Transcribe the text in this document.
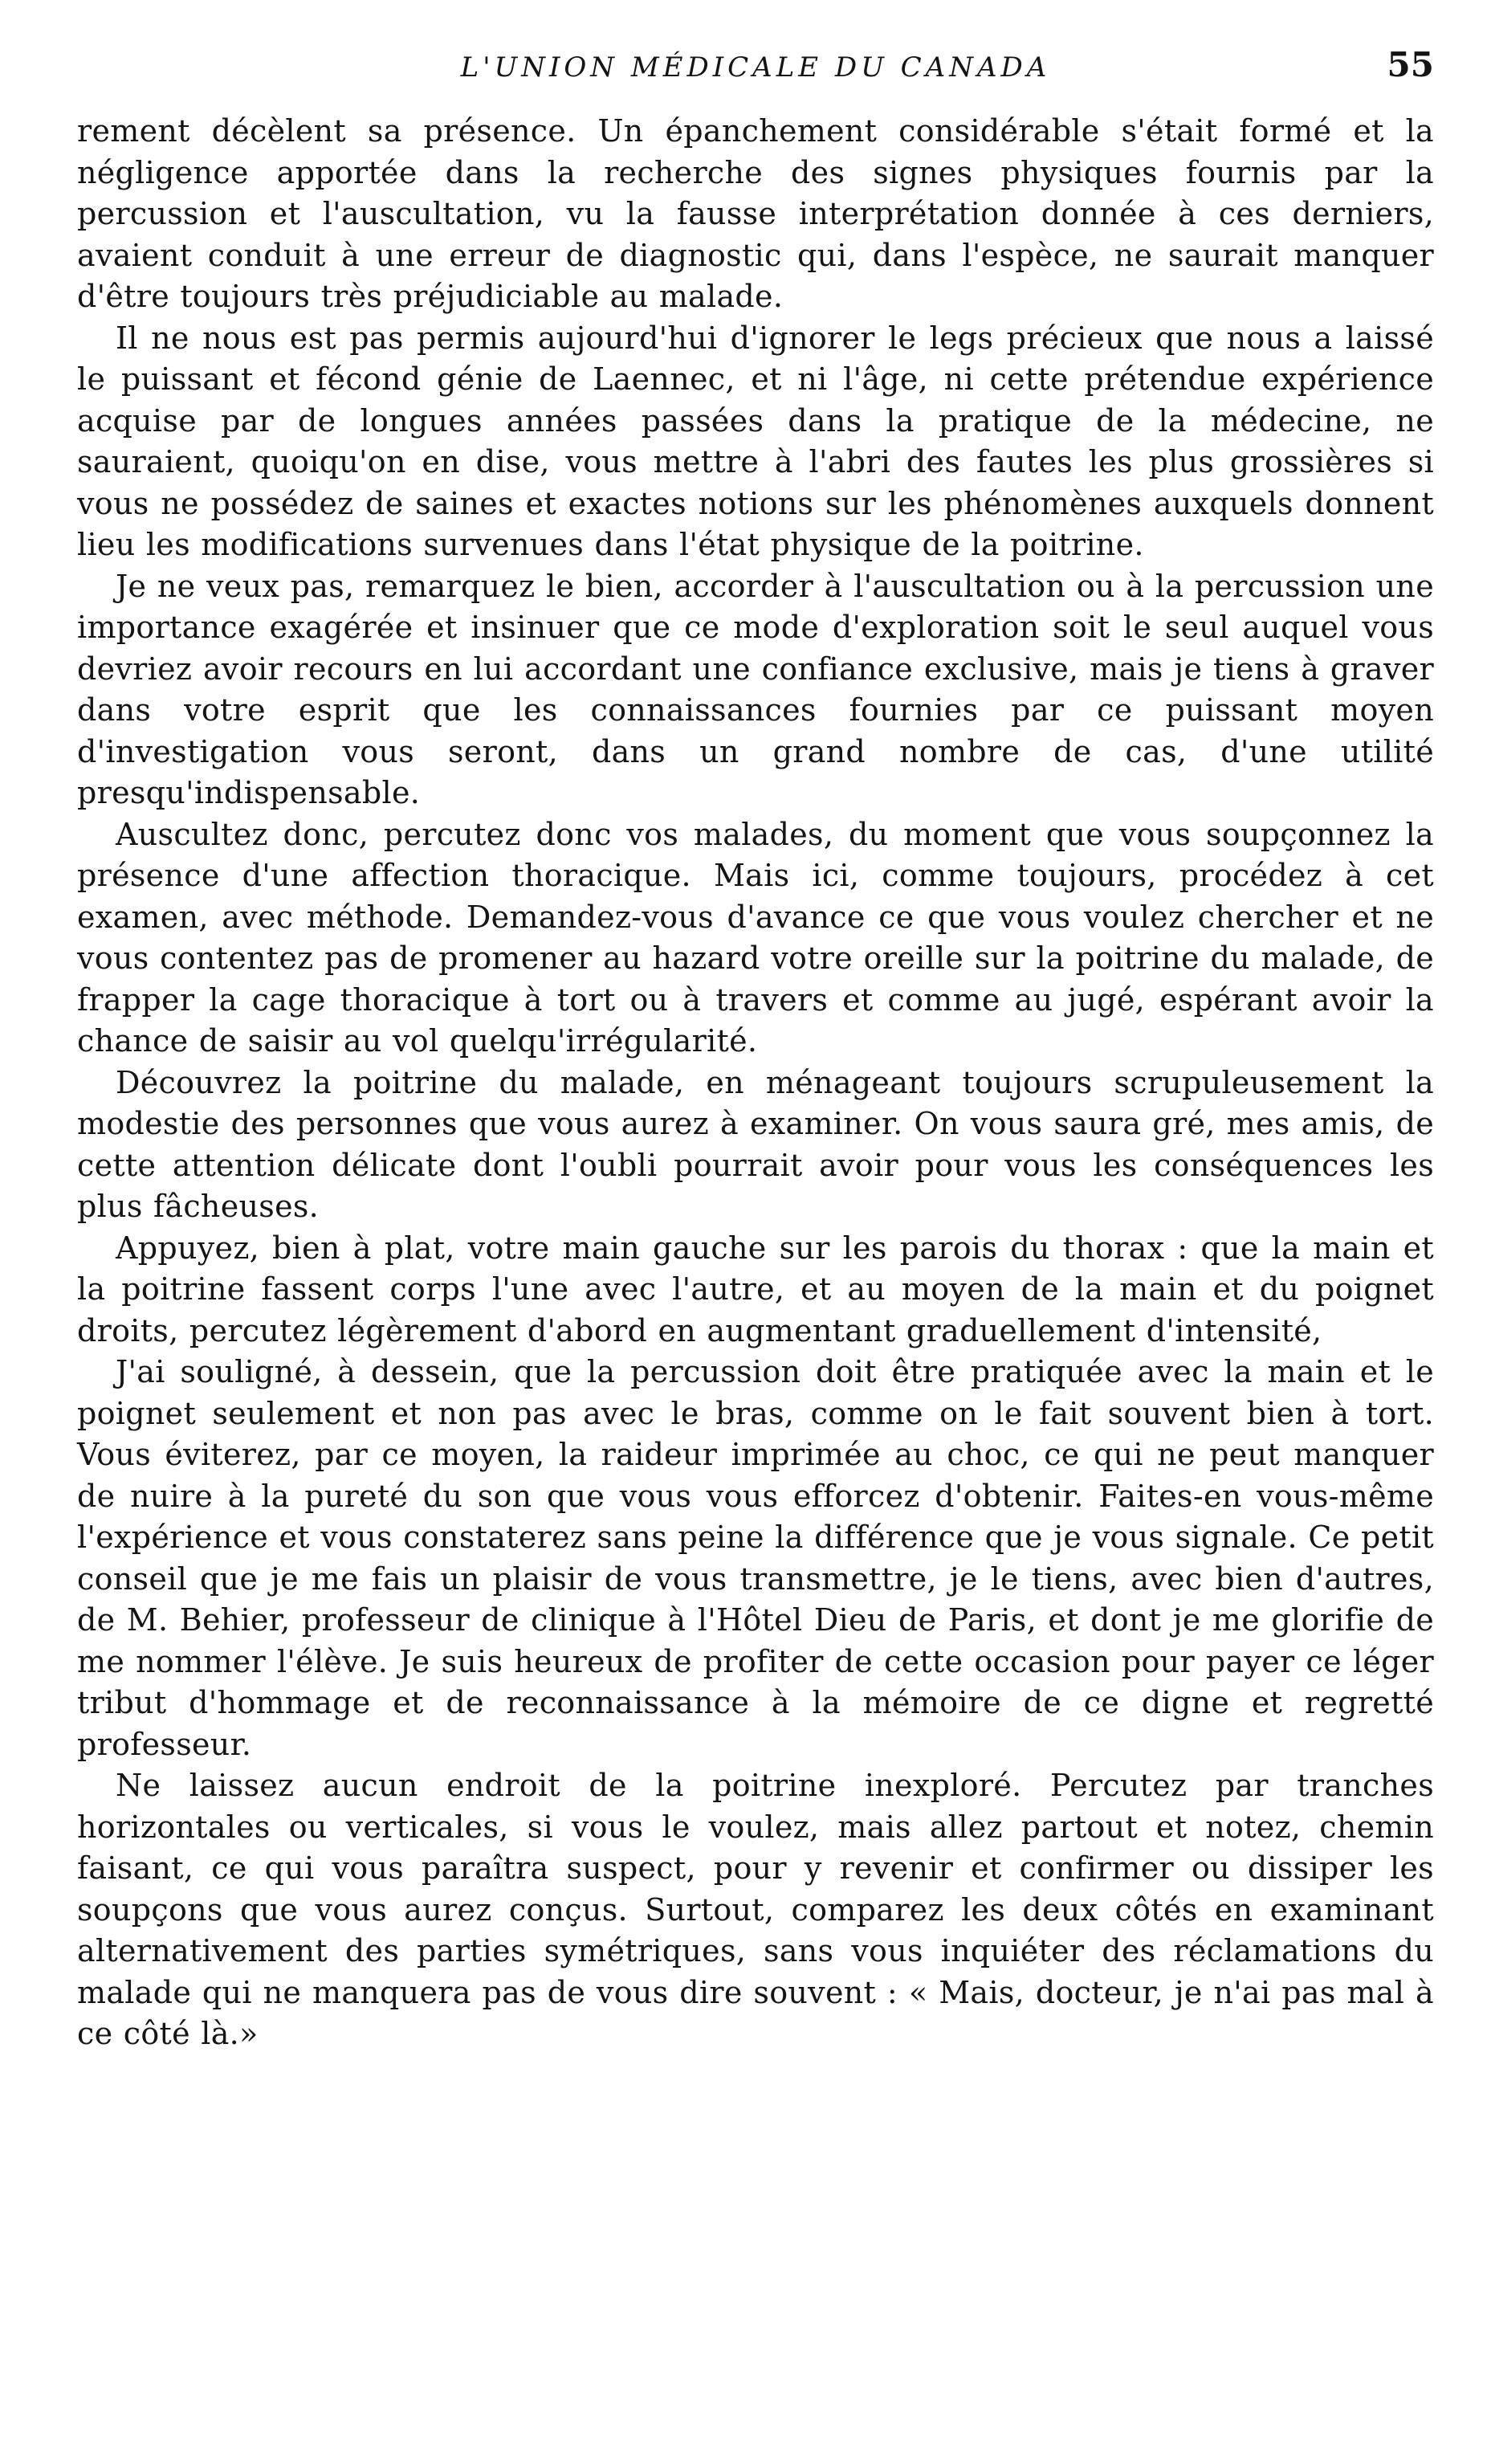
L'UNION MÉDICALE DU CANADA	55

rement décèlent sa présence. Un épanchement considérable s'était formé et la négligence apportée dans la recherche des signes physiques fournis par la percussion et l'auscultation, vu la fausse interprétation donnée à ces derniers, avaient conduit à une erreur de diagnostic qui, dans l'espèce, ne saurait manquer d'être toujours très préjudiciable au malade.

Il ne nous est pas permis aujourd'hui d'ignorer le legs précieux que nous a laissé le puissant et fécond génie de Laennec, et ni l'âge, ni cette prétendue expérience acquise par de longues années passées dans la pratique de la médecine, ne sauraient, quoiqu'on en dise, vous mettre à l'abri des fautes les plus grossières si vous ne possédez de saines et exactes notions sur les phénomènes auxquels donnent lieu les modifications survenues dans l'état physique de la poitrine.

Je ne veux pas, remarquez le bien, accorder à l'auscultation ou à la percussion une importance exagérée et insinuer que ce mode d'exploration soit le seul auquel vous devriez avoir recours en lui accordant une confiance exclusive, mais je tiens à graver dans votre esprit que les connaissances fournies par ce puissant moyen d'investigation vous seront, dans un grand nombre de cas, d'une utilité presqu'indispensable.

Auscultez donc, percutez donc vos malades, du moment que vous soupçonnez la présence d'une affection thoracique. Mais ici, comme toujours, procédez à cet examen, avec méthode. Demandez-vous d'avance ce que vous voulez chercher et ne vous contentez pas de promener au hazard votre oreille sur la poitrine du malade, de frapper la cage thoracique à tort ou à travers et comme au jugé, espérant avoir la chance de saisir au vol quelqu'irrégularité.

Découvrez la poitrine du malade, en ménageant toujours scrupuleusement la modestie des personnes que vous aurez à examiner. On vous saura gré, mes amis, de cette attention délicate dont l'oubli pourrait avoir pour vous les conséquences les plus fâcheuses.

Appuyez, bien à plat, votre main gauche sur les parois du thorax : que la main et la poitrine fassent corps l'une avec l'autre, et au moyen de la main et du poignet droits, percutez légèrement d'abord en augmentant graduellement d'intensité,

J'ai souligné, à dessein, que la percussion doit être pratiquée avec la main et le poignet seulement et non pas avec le bras, comme on le fait souvent bien à tort. Vous éviterez, par ce moyen, la raideur imprimée au choc, ce qui ne peut manquer de nuire à la pureté du son que vous vous efforcez d'obtenir. Faites-en vous-même l'expérience et vous constaterez sans peine la différence que je vous signale. Ce petit conseil que je me fais un plaisir de vous transmettre, je le tiens, avec bien d'autres, de M. Behier, professeur de clinique à l'Hôtel Dieu de Paris, et dont je me glorifie de me nommer l'élève. Je suis heureux de profiter de cette occasion pour payer ce léger tribut d'hommage et de reconnaissance à la mémoire de ce digne et regretté professeur.

Ne laissez aucun endroit de la poitrine inexploré. Percutez par tranches horizontales ou verticales, si vous le voulez, mais allez partout et notez, chemin faisant, ce qui vous paraîtra suspect, pour y revenir et confirmer ou dissiper les soupçons que vous aurez conçus. Surtout, comparez les deux côtés en examinant alternativement des parties symétriques, sans vous inquiéter des réclamations du malade qui ne manquera pas de vous dire souvent : « Mais, docteur, je n'ai pas mal à ce côté là.»
